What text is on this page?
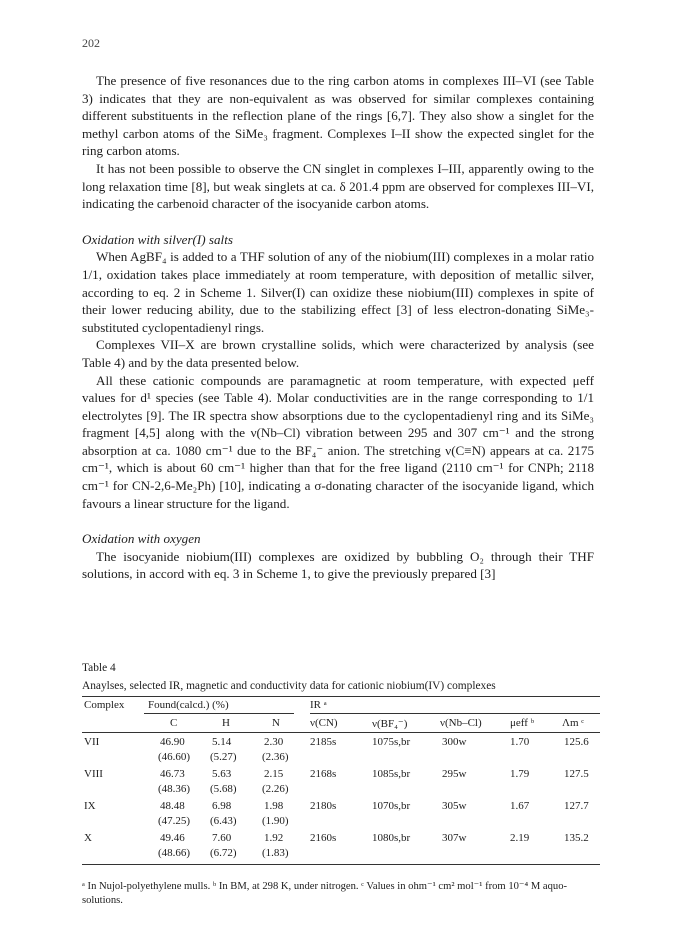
202

The presence of five resonances due to the ring carbon atoms in complexes III–VI (see Table 3) indicates that they are non-equivalent as was observed for similar complexes containing different substituents in the reflection plane of the rings [6,7]. They also show a singlet for the methyl carbon atoms of the SiMe₃ fragment. Complexes I–II show the expected singlet for the ring carbon atoms.

It has not been possible to observe the CN singlet in complexes I–III, apparently owing to the long relaxation time [8], but weak singlets at ca. δ 201.4 ppm are observed for complexes III–VI, indicating the carbenoid character of the isocyanide carbon atoms.

Oxidation with silver(I) salts

When AgBF₄ is added to a THF solution of any of the niobium(III) complexes in a molar ratio 1/1, oxidation takes place immediately at room temperature, with deposition of metallic silver, according to eq. 2 in Scheme 1. Silver(I) can oxidize these niobium(III) complexes in spite of their lower reducing ability, due to the stabilizing effect [3] of less electron-donating SiMe₃-substituted cyclopentadienyl rings.

Complexes VII–X are brown crystalline solids, which were characterized by analysis (see Table 4) and by the data presented below.

All these cationic compounds are paramagnetic at room temperature, with expected μeff values for d¹ species (see Table 4). Molar conductivities are in the range corresponding to 1/1 electrolytes [9]. The IR spectra show absorptions due to the cyclopentadienyl ring and its SiMe₃ fragment [4,5] along with the ν(Nb–Cl) vibration between 295 and 307 cm⁻¹ and the strong absorption at ca. 1080 cm⁻¹ due to the BF₄⁻ anion. The stretching ν(C≡N) appears at ca. 2175 cm⁻¹, which is about 60 cm⁻¹ higher than that for the free ligand (2110 cm⁻¹ for CNPh; 2118 cm⁻¹ for CN-2,6-Me₂Ph) [10], indicating a σ-donating character of the isocyanide ligand, which favours a linear structure for the ligand.

Oxidation with oxygen

The isocyanide niobium(III) complexes are oxidized by bubbling O₂ through their THF solutions, in accord with eq. 3 in Scheme 1, to give the previously prepared [3]

Table 4
Anaylses, selected IR, magnetic and conductivity data for cationic niobium(IV) complexes
Complex Found(calcd.) (%)	IR ᵃ
C	H	N	ν(CN)	ν(BF₄⁻)	ν(Nb–Cl)	μeff ᵇ	Λm ᶜ
VII	46.90 5.14	2.30 2185s	1075s,br	300w	1.70	125.6
(46.60) (5.27) (2.36)
VIII	46.73 5.63	2.15 2168s	1085s,br	295w	1.79	127.5
(48.36) (5.68) (2.26)
IX	48.48 6.98	1.98 2180s	1070s,br	305w	1.67	127.7
(47.25) (6.43) (1.90)
X	49.46 7.60	1.92 2160s	1080s,br	307w	2.19	135.2
(48.66) (6.72) (1.83)
ᵃ In Nujol-polyethylene mulls. ᵇ In BM, at 298 K, under nitrogen. ᶜ Values in ohm⁻¹ cm² mol⁻¹ from 10⁻⁴ M aquo-solutions.
